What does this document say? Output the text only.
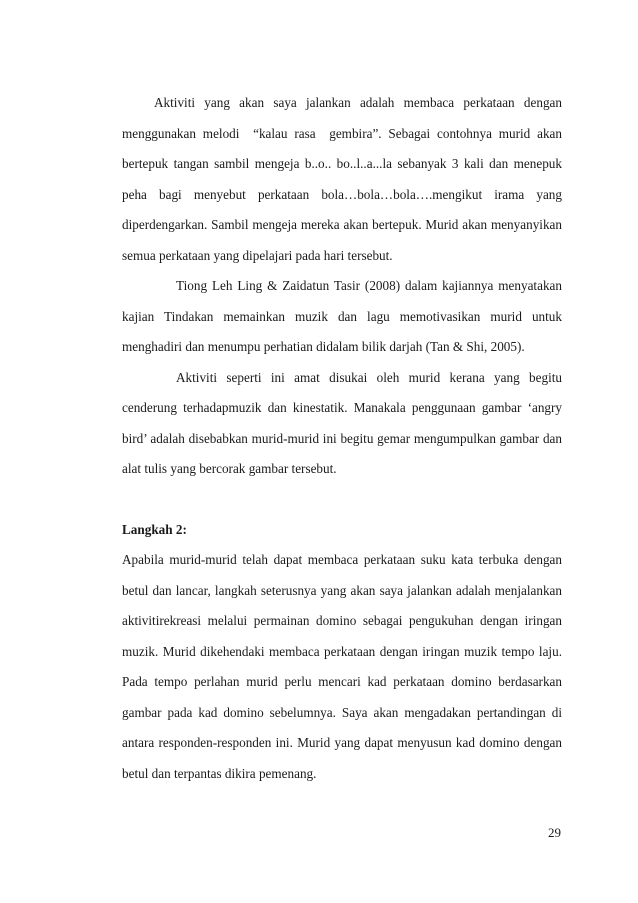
Aktiviti yang akan saya jalankan adalah membaca perkataan dengan menggunakan melodi  “kalau rasa  gembira”. Sebagai contohnya murid akan bertepuk tangan sambil mengeja b..o.. bo..l..a...la sebanyak 3 kali dan menepuk peha bagi menyebut perkataan bola…bola…bola….mengikut irama yang diperdengarkan. Sambil mengeja mereka akan bertepuk. Murid akan menyanyikan semua perkataan yang dipelajari pada hari tersebut.

Tiong Leh Ling & Zaidatun Tasir (2008) dalam kajiannya menyatakan kajian Tindakan memainkan muzik dan lagu memotivasikan murid untuk menghadiri dan menumpu perhatian didalam bilik darjah (Tan & Shi, 2005).

Aktiviti seperti ini amat disukai oleh murid kerana yang begitu cenderung terhadapmuzik dan kinestatik. Manakala penggunaan gambar ‘angry bird’ adalah disebabkan murid-murid ini begitu gemar mengumpulkan gambar dan alat tulis yang bercorak gambar tersebut.

Langkah 2:

Apabila murid-murid telah dapat membaca perkataan suku kata terbuka dengan betul dan lancar, langkah seterusnya yang akan saya jalankan adalah menjalankan aktivitirekreasi melalui permainan domino sebagai pengukuhan dengan iringan muzik. Murid dikehendaki membaca perkataan dengan iringan muzik tempo laju. Pada tempo perlahan murid perlu mencari kad perkataan domino berdasarkan gambar pada kad domino sebelumnya. Saya akan mengadakan pertandingan di antara responden-responden ini. Murid yang dapat menyusun kad domino dengan betul dan terpantas dikira pemenang.

29
